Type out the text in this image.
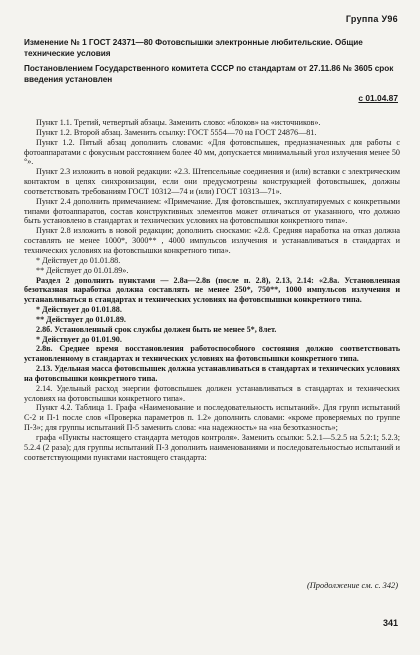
Группа У96
Изменение № 1 ГОСТ 24371—80 Фотовспышки электронные любительские. Общие технические условия
Постановлением Государственного комитета СССР по стандартам от 27.11.86 № 3605 срок введения установлен
с 01.04.87

Пункт 1.1. Третий, четвертый абзацы. Заменить слово: «блоков» на «источников».

Пункт 1.2. Второй абзац. Заменить ссылку: ГОСТ 5554—70 на ГОСТ 24876—81.

Пункт 1.2. Пятый абзац дополнить словами: «Для фотовспышек, предназначенных для работы с фотоаппаратами с фокусным расстоянием более 40 мм, допускается минимальный угол излучения менее 50 °».

Пункт 2.3 изложить в новой редакции: «2.3. Штепсельные соединения и (или) вставки с электрическим контактом в цепях синхронизации, если они предусмотрены конструкцией фотовспышек, должны соответствовать требованиям ГОСТ 10312—74 и (или) ГОСТ 10313—71».

Пункт 2.4 дополнить примечанием: «Примечание. Для фотовспышек, эксплуатируемых с конкретными типами фотоаппаратов, состав конструктивных элементов может отличаться от указанного, что должно быть установлено в стандартах и технических условиях на фотовспышки конкретного типа».

Пункт 2.8 изложить в новой редакции; дополнить сносками: «2.8. Средняя наработка на отказ должна составлять не менее 1000*, 3000** , 4000 импульсов излучения и устанавливаться в стандартах и технических условиях на фотовспышки конкретного типа».

* Действует до 01.01.88.

** Действует до 01.01.89».

Раздел 2 дополнить пунктами — 2.8а—2.8в (после п. 2.8), 2.13, 2.14: «2.8а. Установленная безотказная наработка должна составлять не менее 250*, 750**, 1000 импульсов излучения и устанавливаться в стандартах и технических условиях на фотовспышки конкретного типа.

* Действует до 01.01.88.

** Действует до 01.01.89.

2.8б. Установленный срок службы должен быть не менее 5*, 8лет.

* Действует до 01.01.90.

2.8в. Среднее время восстановления работоспособного состояния должно соответствовать установленному в стандартах и технических условиях на фотовспышки конкретного типа.

2.13. Удельная масса фотовспышек должна устанавливаться в стандартах и технических условиях на фотовспышки конкретного типа.

2.14. Удельный расход энергии фотовспышек должен устанавливаться в стандартах и технических условиях на фотовспышки конкретного типа».

Пункт 4.2. Таблица 1. Графа «Наименование и последовательность испытаний». Для групп испытаний С-2 и П-1 после слов «Проверка параметров п. 1.2» дополнить словами: «кроме проверяемых по группе П-3»; для группы испытаний П-5 заменить слова: «на надежность» на «на безотказность»;

графа «Пункты настоящего стандарта методов контроля». Заменить ссылки: 5.2.1—5.2.5 на 5.2:1; 5.2.3; 5.2.4 (2 раза); для группы испытаний П-3 дополнить наименованиями и последовательностью испытаний и соответствующими пунктами настоящего стандарта:

(Продолжение см. с. 342)
341
